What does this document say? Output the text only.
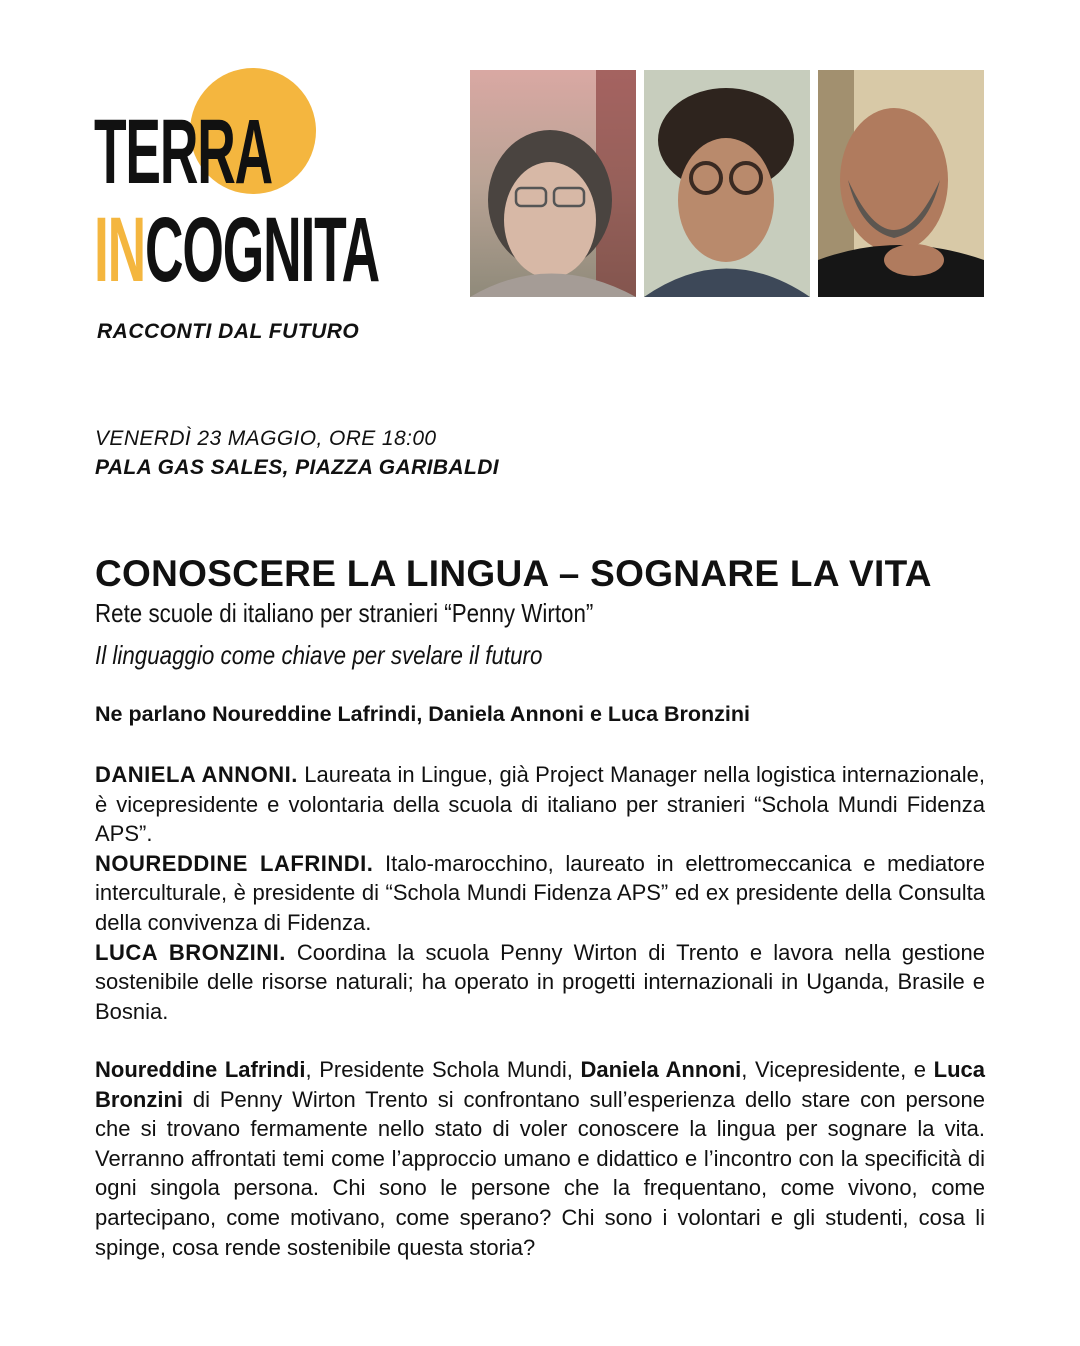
TERRA

INCOGNITA

RACCONTI DAL FUTURO

VENERDÌ 23 MAGGIO, ORE 18:00

PALA GAS SALES, PIAZZA GARIBALDI

CONOSCERE LA LINGUA – SOGNARE LA VITA

Rete scuole di italiano per stranieri “Penny Wirton”

Il linguaggio come chiave per svelare il futuro

Ne parlano Noureddine Lafrindi, Daniela Annoni e Luca Bronzini

DANIELA ANNONI. Laureata in Lingue, già Project Manager nella logistica internazionale, è vicepresidente e volontaria della scuola di italiano per stranieri “Schola Mundi Fidenza APS”.
NOUREDDINE LAFRINDI. Italo-marocchino, laureato in elettromeccanica e mediatore interculturale, è presidente di “Schola Mundi Fidenza APS” ed ex presidente della Consulta della convivenza di Fidenza.
LUCA BRONZINI. Coordina la scuola Penny Wirton di Trento e lavora nella gestione sostenibile delle risorse naturali; ha operato in progetti internazionali in Uganda, Brasile e Bosnia.

Noureddine Lafrindi, Presidente Schola Mundi, Daniela Annoni, Vicepresidente, e Luca Bronzini di Penny Wirton Trento si confrontano sull’esperienza dello stare con persone che si trovano fermamente nello stato di voler conoscere la lingua per sognare la vita. Verranno affrontati temi come l’approccio umano e didattico e l’incontro con la specificità di ogni singola persona. Chi sono le persone che la frequentano, come vivono, come partecipano, come motivano, come sperano? Chi sono i volontari e gli studenti, cosa li spinge, cosa rende sostenibile questa storia?
